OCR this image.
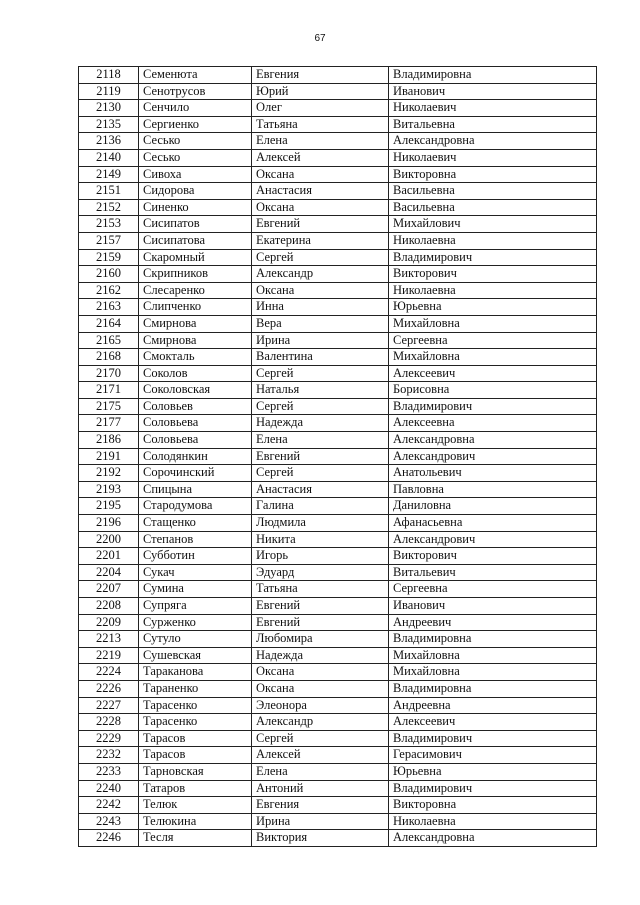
67
2118	Семенюта	Евгения	Владимировна
2119	Сенотрусов	Юрий	Иванович
2130	Сенчило	Олег	Николаевич
2135	Сергиенко	Татьяна	Витальевна
2136	Сесько	Елена	Александровна
2140	Сесько	Алексей	Николаевич
2149	Сивоха	Оксана	Викторовна
2151	Сидорова	Анастасия	Васильевна
2152	Синенко	Оксана	Васильевна
2153	Сисипатов	Евгений	Михайлович
2157	Сисипатова	Екатерина	Николаевна
2159	Скаромный	Сергей	Владимирович
2160	Скрипников	Александр	Викторович
2162	Слесаренко	Оксана	Николаевна
2163	Слипченко	Инна	Юрьевна
2164	Смирнова	Вера	Михайловна
2165	Смирнова	Ирина	Сергеевна
2168	Смокталь	Валентина	Михайловна
2170	Соколов	Сергей	Алексеевич
2171	Соколовская	Наталья	Борисовна
2175	Соловьев	Сергей	Владимирович
2177	Соловьева	Надежда	Алексеевна
2186	Соловьева	Елена	Александровна
2191	Солодянкин	Евгений	Александрович
2192	Сорочинский	Сергей	Анатольевич
2193	Спицына	Анастасия	Павловна
2195	Стародумова	Галина	Даниловна
2196	Стащенко	Людмила	Афанасьевна
2200	Степанов	Никита	Александрович
2201	Субботин	Игорь	Викторович
2204	Сукач	Эдуард	Витальевич
2207	Сумина	Татьяна	Сергеевна
2208	Супряга	Евгений	Иванович
2209	Сурженко	Евгений	Андреевич
2213	Сутуло	Любомира	Владимировна
2219	Сушевская	Надежда	Михайловна
2224	Тараканова	Оксана	Михайловна
2226	Тараненко	Оксана	Владимировна
2227	Тарасенко	Элеонора	Андреевна
2228	Тарасенко	Александр	Алексеевич
2229	Тарасов	Сергей	Владимирович
2232	Тарасов	Алексей	Герасимович
2233	Тарновская	Елена	Юрьевна
2240	Татаров	Антоний	Владимирович
2242	Телюк	Евгения	Викторовна
2243	Телюкина	Ирина	Николаевна
2246	Тесля	Виктория	Александровна
